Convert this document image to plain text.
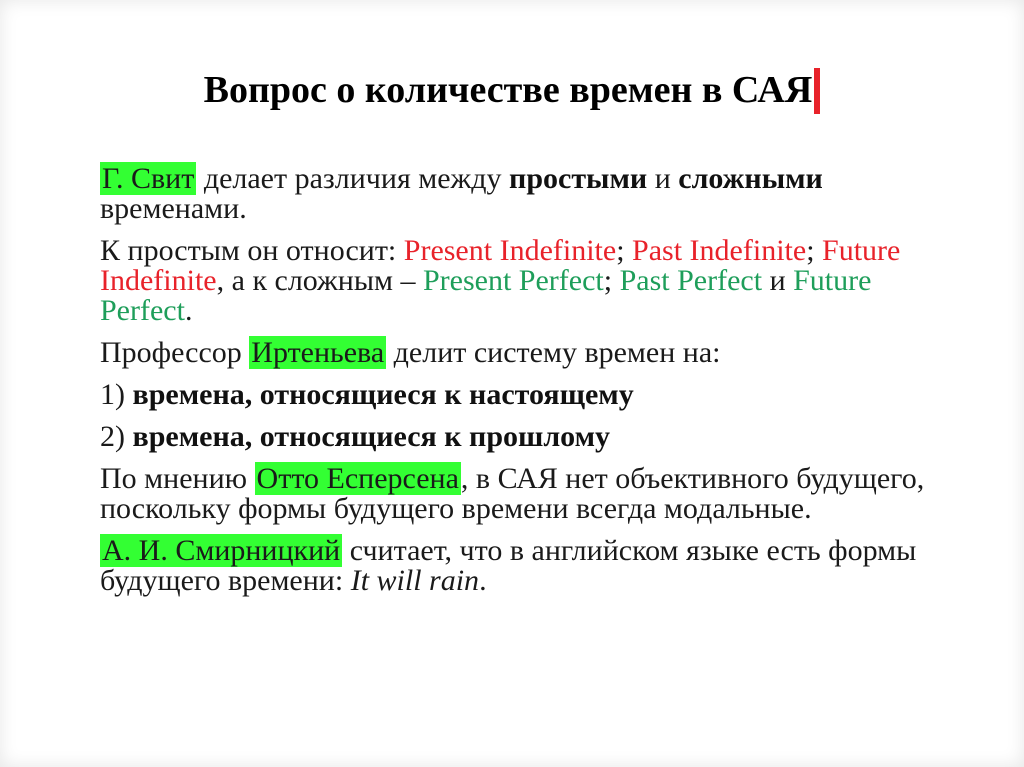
Вопрос о количестве времен в САЯ

Г. Свит делает различия между простыми и сложными временами.

К простым он относит: Present Indefinite; Past Indefinite; Future Indefinite, а к сложным – Present Perfect; Past Perfect и Future Perfect.

Профессор Иртеньева делит систему времен на:

1) времена, относящиеся к настоящему

2) времена, относящиеся к прошлому

По мнению Отто Есперсена, в САЯ нет объективного будущего, поскольку формы будущего времени всегда модальные.

А. И. Смирницкий считает, что в английском языке есть формы будущего времени: It will rain.
